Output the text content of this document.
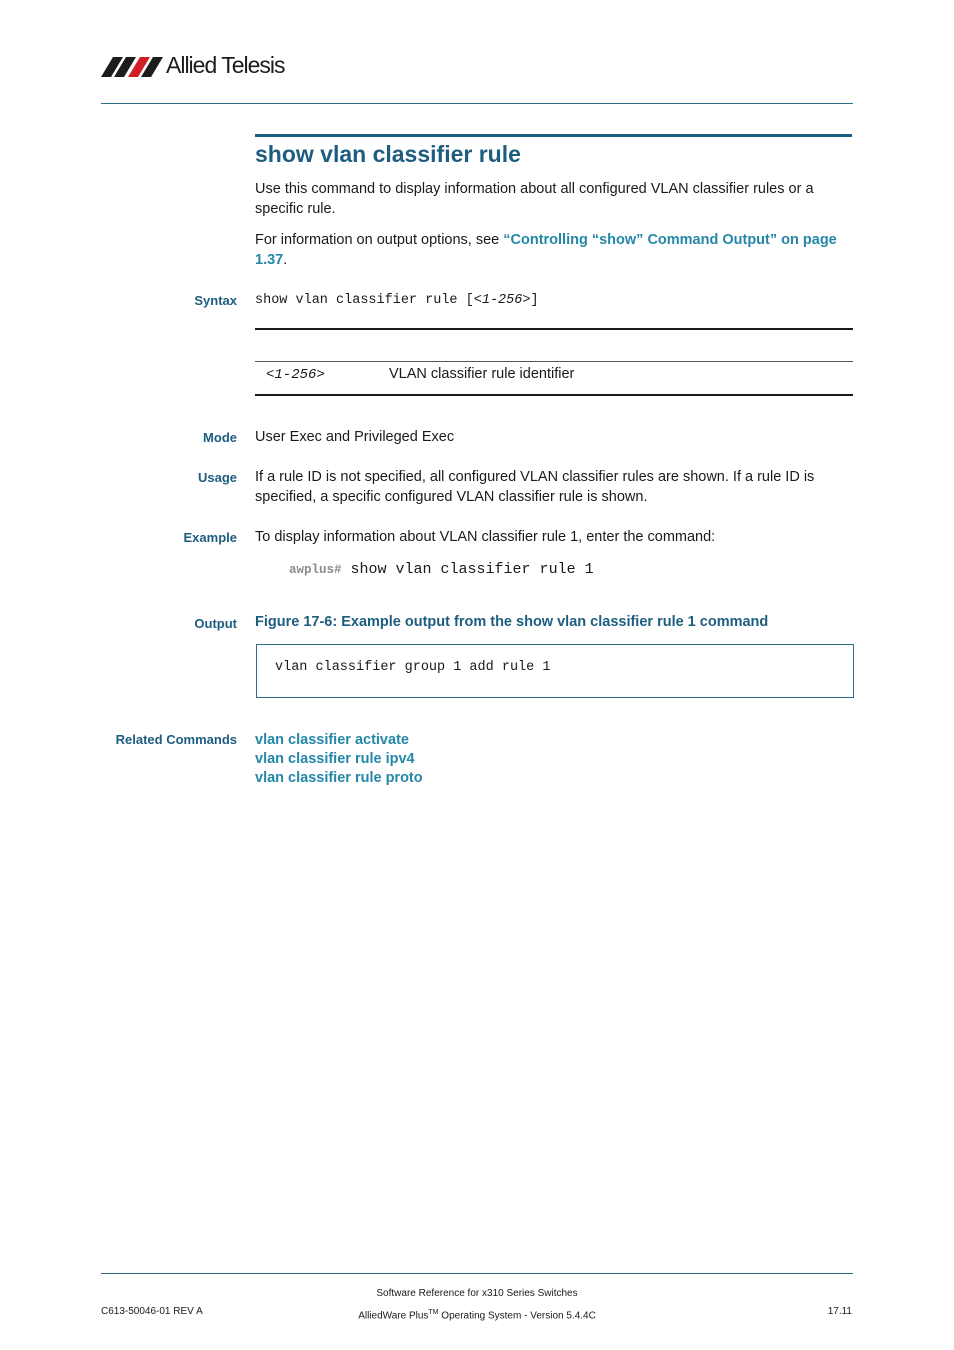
Allied Telesis
show vlan classifier rule

Use this command to display information about all configured VLAN classifier rules or a specific rule.

For information on output options, see “Controlling “show” Command Output” on page 1.37.

Syntax show vlan classifier rule [<1-256>]
<1-256>	VLAN classifier rule identifier
Mode User Exec and Privileged Exec

Usage If a rule ID is not specified, all configured VLAN classifier rules are shown. If a rule ID is specified, a specific configured VLAN classifier rule is shown.

Example To display information about VLAN classifier rule 1, enter the command:

awplus# show vlan classifier rule 1
Output Figure 17-6: Example output from the show vlan classifier rule 1 command
vlan classifier group 1 add rule 1
Related Commands vlan classifier activate
vlan classifier rule ipv4
vlan classifier rule proto
C613-50046-01 REV A
Software Reference for x310 Series Switches
AlliedWare Plus™ Operating System - Version 5.4.4C	17.11
